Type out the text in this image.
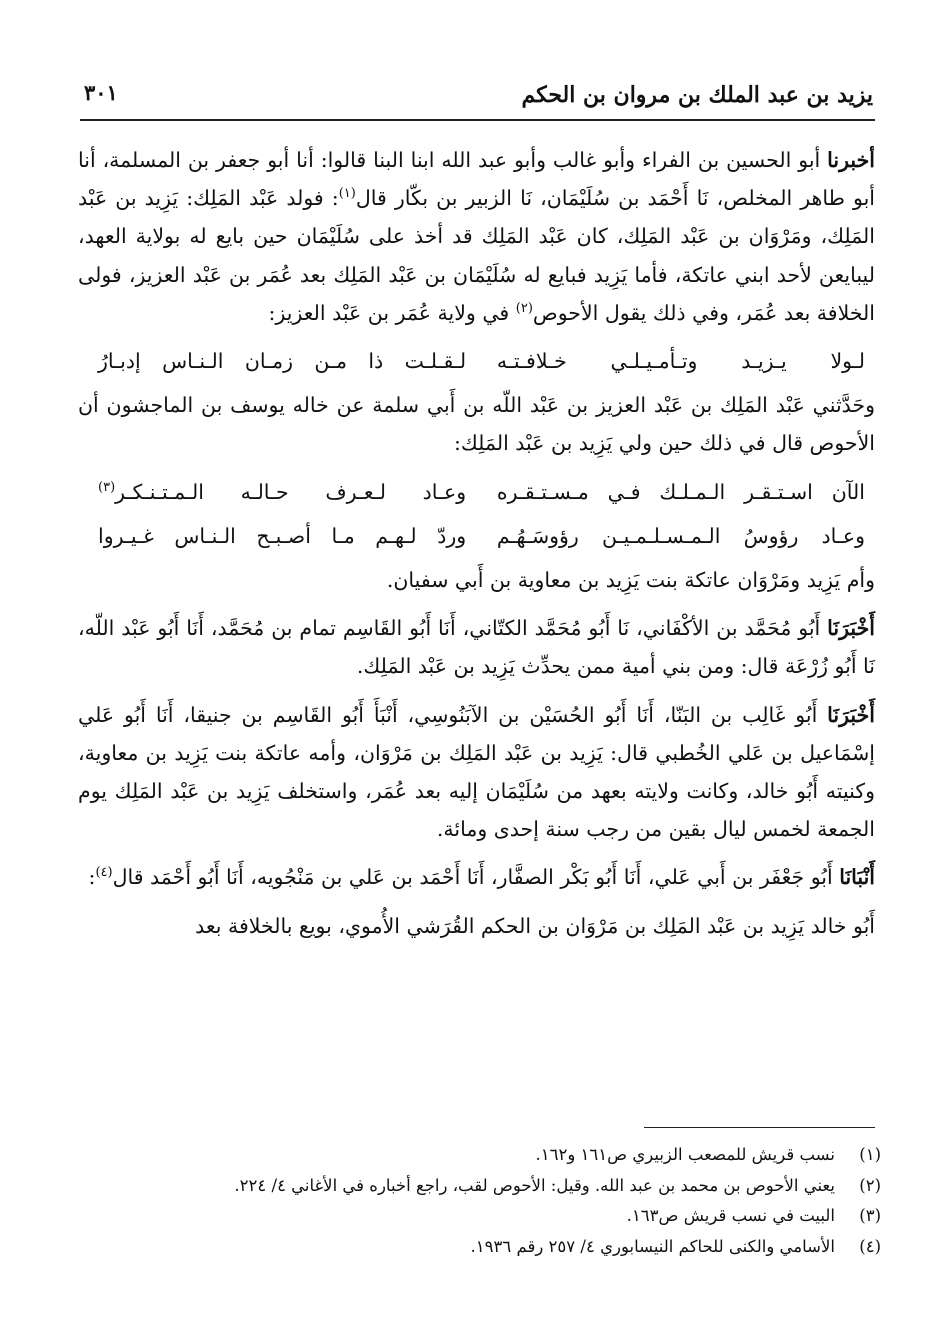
يزيد بن عبد الملك بن مروان بن الحكم
٣٠١

أخبرنا أبو الحسين بن الفراء وأبو غالب وأبو عبد الله ابنا البنا قالوا: أنا أبو جعفر بن المسلمة، أنا أبو طاهر المخلص، نَا أَحْمَد بن سُلَيْمَان، نَا الزبير بن بكّار قال$^{(١)}$: فولد عَبْد المَلِك: يَزِيد بن عَبْد المَلِك، ومَرْوَان بن عَبْد المَلِك، كان عَبْد المَلِك قد أخذ على سُلَيْمَان حين بايع له بولاية العهد، ليبايعن لأحد ابني عاتكة، فأما يَزِيد فبايع له سُلَيْمَان بن عَبْد المَلِك بعد عُمَر بن عَبْد العزيز، فولى الخلافة بعد عُمَر، وفي ذلك يقول الأحوص$^{(٢)}$ في ولاية عُمَر بن عَبْد العزيز:

لـولا يـزيـد وتـأمـيـلـي خـلافـتـه
لـقـلـت ذا مـن زمـان الـنـاس إدبـارُ

وحَدَّثني عَبْد المَلِك بن عَبْد العزيز بن عَبْد اللّه بن أَبي سلمة عن خاله يوسف بن الماجشون أن الأحوص قال في ذلك حين ولي يَزِيد بن عَبْد المَلِك:

الآن اسـتـقـر الـمـلـك فـي مـسـتـقـره
وعـاد لـعـرف حـالـه الـمـتـنـكـر$^{(٣)}$
وعـاد رؤوسُ الـمـسـلـمـيـن رؤوسَـهُـم
وردّ لـهـم مـا أصـبـح الـنـاس غـيـروا

وأم يَزِيد ومَرْوَان عاتكة بنت يَزِيد بن معاوية بن أَبي سفيان.

أَخْبَرَنَا أَبُو مُحَمَّد بن الأكْفَاني، نَا أَبُو مُحَمَّد الكتّاني، أَنَا أَبُو القَاسِم تمام بن مُحَمَّد، أَنَا أَبُو عَبْد اللّه، نَا أَبُو زُرْعَة قال: ومن بني أمية ممن يحدِّث يَزِيد بن عَبْد المَلِك.

أَخْبَرَنَا أَبُو غَالِب بن البَنّا، أَنَا أَبُو الحُسَيْن بن الآبَنُوسِي، أَنْبَأَ أَبُو القَاسِم بن جنيقا، أَنَا أَبُو عَلي إسْمَاعيل بن عَلي الخُطبي قال: يَزِيد بن عَبْد المَلِك بن مَرْوَان، وأمه عاتكة بنت يَزِيد بن معاوية، وكنيته أَبُو خالد، وكانت ولايته بعهد من سُلَيْمَان إليه بعد عُمَر، واستخلف يَزِيد بن عَبْد المَلِك يوم الجمعة لخمس ليال بقين من رجب سنة إحدى ومائة.

أَنْبَانَا أَبُو جَعْفَر بن أَبي عَلي، أَنَا أَبُو بَكْر الصفَّار، أَنَا أَحْمَد بن عَلي بن مَنْجُويه، أَنَا أَبُو أَحْمَد قال$^{(٤)}$:

أَبُو خالد يَزِيد بن عَبْد المَلِك بن مَرْوَان بن الحكم القُرَشي الأُموي، بويع بالخلافة بعد

(١)نسب قريش للمصعب الزبيري ص١٦١ و١٦٢.
(٢)يعني الأحوص بن محمد بن عبد الله. وقيل: الأحوص لقب، راجع أخباره في الأغاني ٤/ ٢٢٤.
(٣)البيت في نسب قريش ص١٦٣.
(٤)الأسامي والكنى للحاكم النيسابوري ٤/ ٢٥٧ رقم ١٩٣٦.
